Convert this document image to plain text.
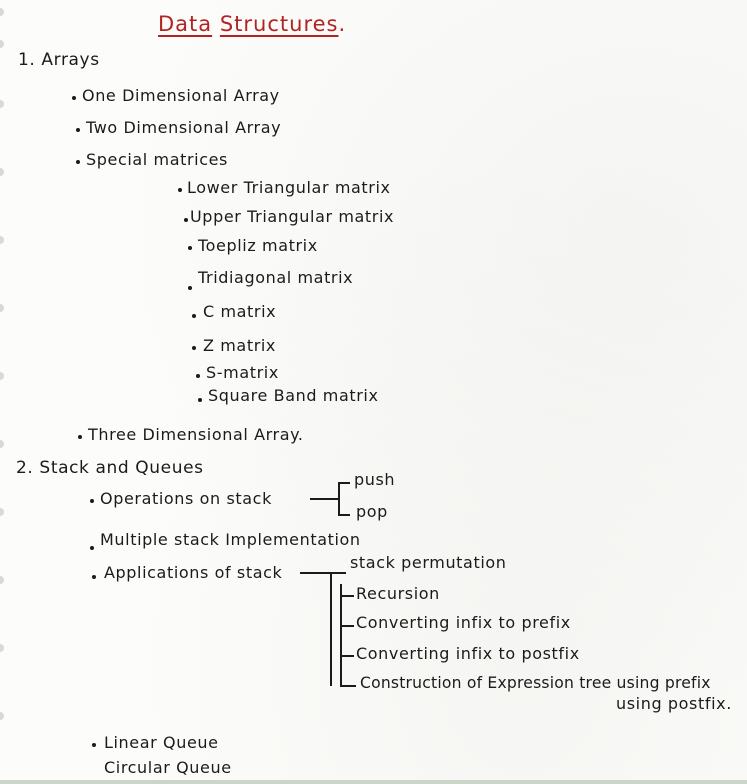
Data Structures.
1. Arrays
One Dimensional Array
Two Dimensional Array
Special matrices
Lower Triangular matrix
Upper Triangular matrix
Toepliz matrix
Tridiagonal matrix
C matrix
Z matrix
S-matrix
Square Band matrix
Three Dimensional Array.
2. Stack and Queues
Operations on stack
push
pop
Multiple stack Implementation
Applications of stack
stack permutation
Recursion
Converting infix to prefix
Converting infix to postfix
Construction of Expression tree using prefix
using postfix.
Linear Queue
Circular Queue
